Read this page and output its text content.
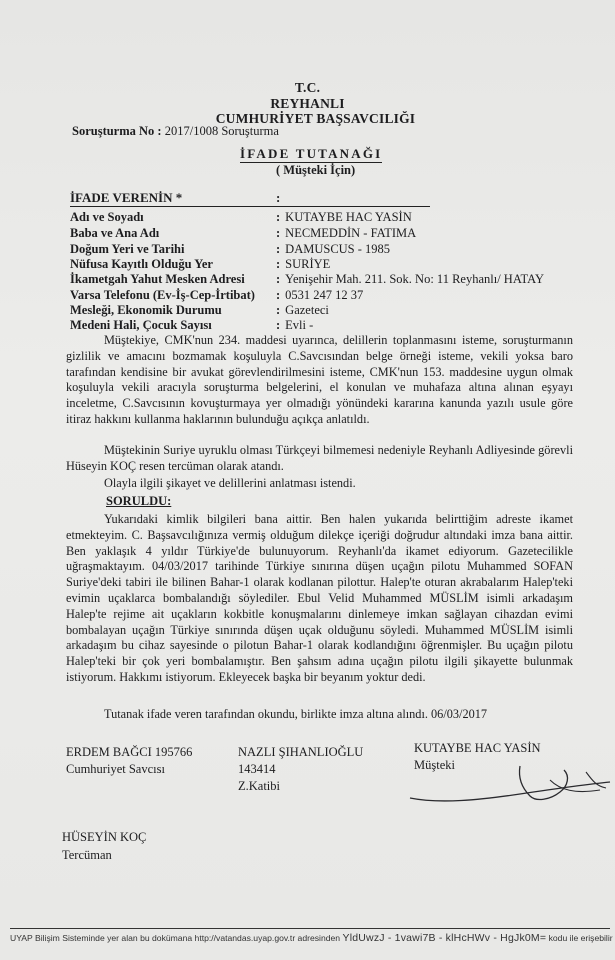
T.C.
REYHANLI
CUMHURİYET BAŞSAVCILIĞI
Soruşturma No : 2017/1008 Soruşturma
İFADE TUTANAĞI
( Müşteki İçin)
İFADE VERENİN *	:
Adı ve Soyadı	: KUTAYBE HAC YASİN
Baba ve Ana Adı	: NECMEDDİN - FATIMA
Doğum Yeri ve Tarihi	: DAMUSCUS - 1985
Nüfusa Kayıtlı Olduğu Yer	: SURİYE
İkametgah Yahut Mesken Adresi	: Yenişehir Mah. 211. Sok. No: 11 Reyhanlı/ HATAY
Varsa Telefonu (Ev-İş-Cep-İrtibat) : 0531 247 12 37
Mesleği, Ekonomik Durumu	: Gazeteci
Medeni Hali, Çocuk Sayısı	: Evli -
Müştekiye, CMK'nun 234. maddesi uyarınca, delillerin toplanmasını isteme, soruşturmanın gizlilik ve amacını bozmamak koşuluyla C.Savcısından belge örneği isteme, vekili yoksa baro tarafından kendisine bir avukat görevlendirilmesini isteme, CMK'nun 153. maddesine uygun olmak koşuluyla vekili aracıyla soruşturma belgelerini, el konulan ve muhafaza altına alınan eşyayı inceletme, C.Savcısının kovuşturmaya yer olmadığı yönündeki kararına kanunda yazılı usule göre itiraz hakkını kullanma haklarının bulunduğu açıkça anlatıldı.
Müştekinin Suriye uyruklu olması Türkçeyi bilmemesi nedeniyle Reyhanlı Adliyesinde görevli Hüseyin KOÇ resen tercüman olarak atandı.
Olayla ilgili şikayet ve delillerini anlatması istendi.
SORULDU:
Yukarıdaki kimlik bilgileri bana aittir. Ben halen yukarıda belirttiğim adreste ikamet etmekteyim. C. Başsavcılığınıza vermiş olduğum dilekçe içeriği doğrudur altındaki imza bana aittir. Ben yaklaşık 4 yıldır Türkiye'de bulunuyorum. Reyhanlı'da ikamet ediyorum. Gazetecilikle uğraşmaktayım. 04/03/2017 tarihinde Türkiye sınırına düşen uçağın pilotu Muhammed SOFAN Suriye'deki tabiri ile bilinen Bahar-1 olarak kodlanan pilottur. Halep'te oturan akrabalarım Halep'teki evimin uçaklarca bombalandığı söylediler. Ebul Velid Muhammed MÜSLİM isimli arkadaşım Halep'te rejime ait uçakların kokbitle konuşmalarını dinlemeye imkan sağlayan cihazdan evimi bombalayan uçağın Türkiye sınırında düşen uçak olduğunu söyledi. Muhammed MÜSLİM isimli arkadaşım bu cihaz sayesinde o pilotun Bahar-1 olarak kodlandığını öğrenmişler. Bu uçağın pilotu Halep'teki bir çok yeri bombalamıştır. Ben şahsım adına uçağın pilotu ilgili şikayette bulunmak istiyorum. Hakkımı istiyorum. Ekleyecek başka bir beyanım yoktur dedi.
Tutanak ifade veren tarafından okundu, birlikte imza altına alındı. 06/03/2017
ERDEM BAĞCI 195766
Cumhuriyet Savcısı
NAZLI ŞIHANLIOĞLU
143414
Z.Katibi
KUTAYBE HAC YASİN
Müşteki
HÜSEYİN KOÇ
Tercüman
UYAP Bilişim Sisteminde yer alan bu dokümana http://vatandas.uyap.gov.tr adresinden YldUwzJ - 1vawi7B - klHcHWv - HgJk0M= kodu ile erişebilir
